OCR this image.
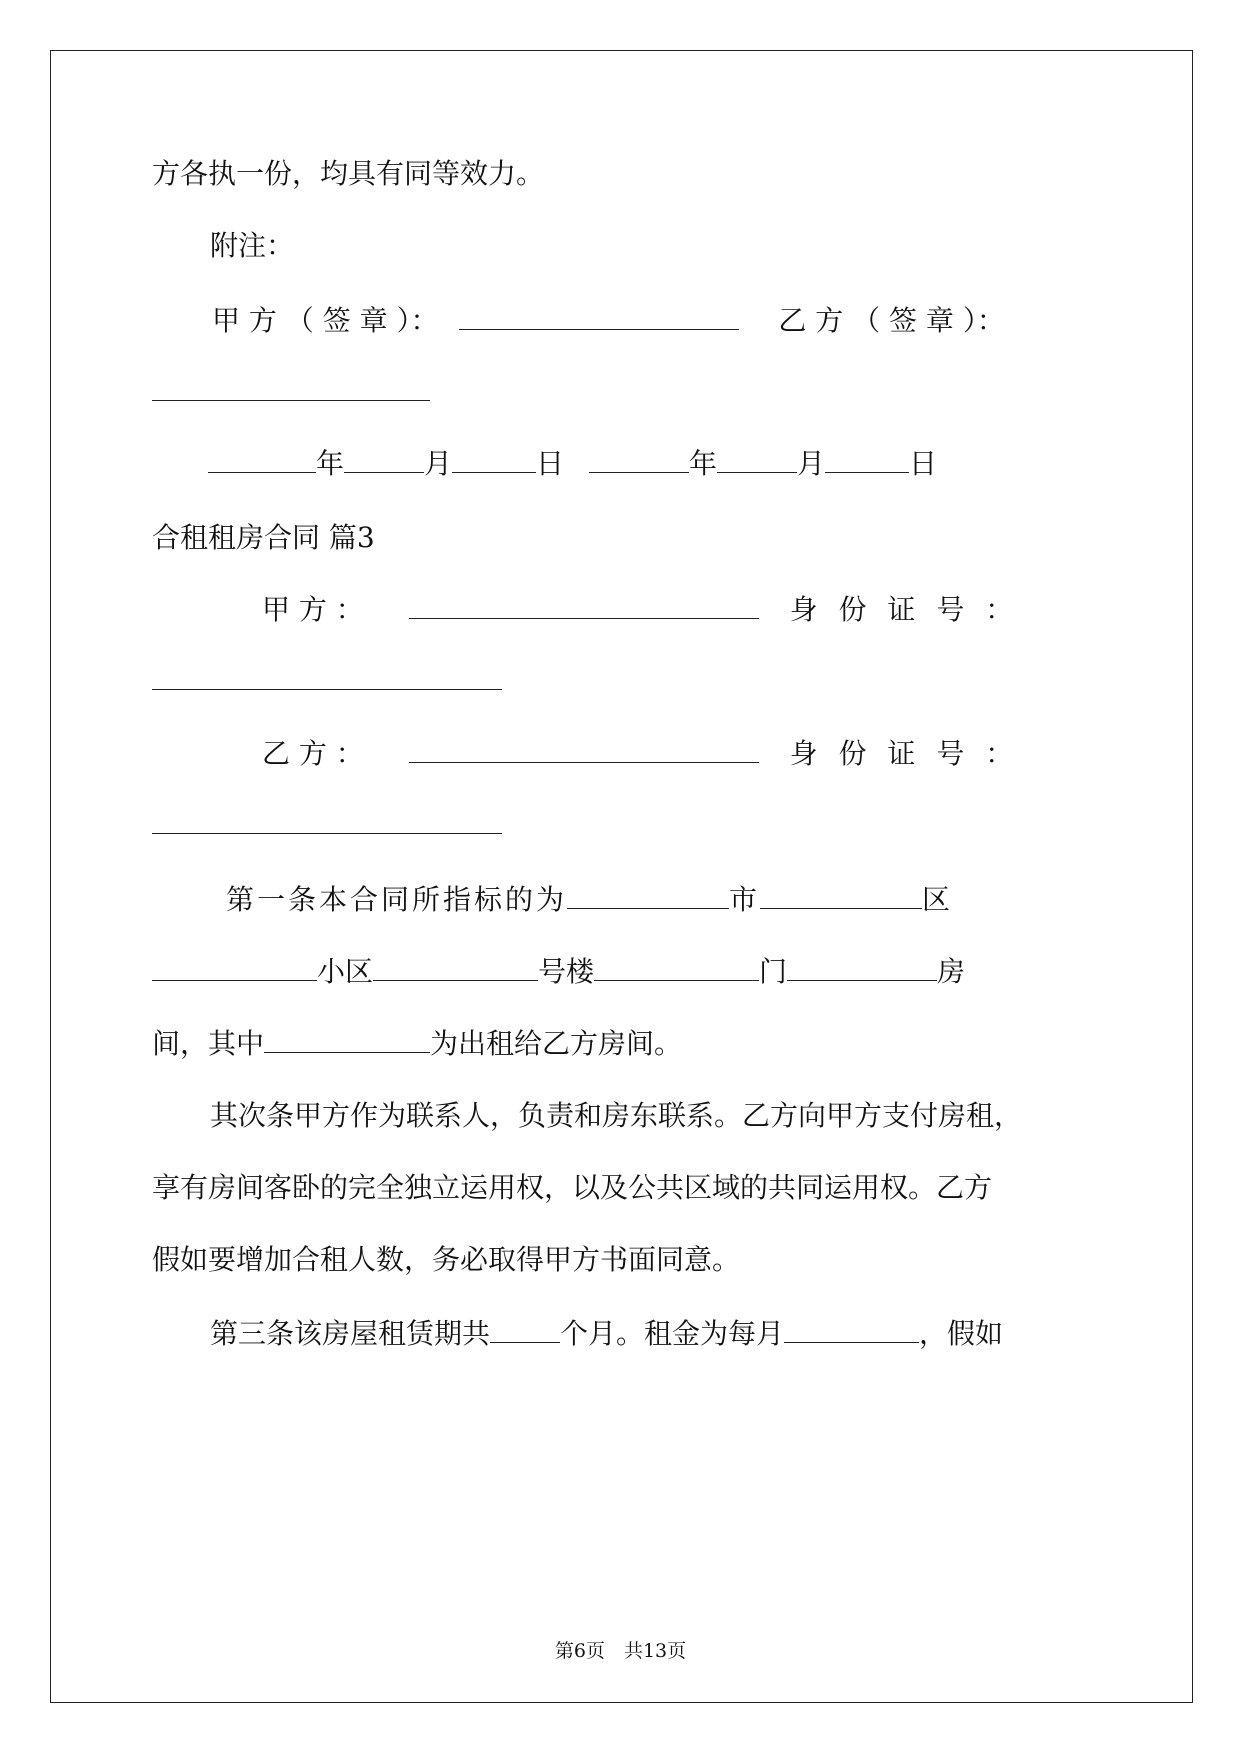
方各执一份，均具有同等效力。
附注：
甲 方 （ 签 章 ）：	乙 方 （ 签 章 ）：
年	月	日	年	月	日
合租租房合同 篇3
甲 方 ：	身 份 证 号 ：
乙 方 ：	身 份 证 号 ：
第一条本合同所指标的为	市	区
小区	号楼	门	房
间，其中	为出租给乙方房间。
其次条甲方作为联系人，负责和房东联系。乙方向甲方支付房租，
享有房间客卧的完全独立运用权，以及公共区域的共同运用权。乙方
假如要增加合租人数，务必取得甲方书面同意。
第三条该房屋租赁期共	个月。租金为每月	，假如
第6页　共13页
